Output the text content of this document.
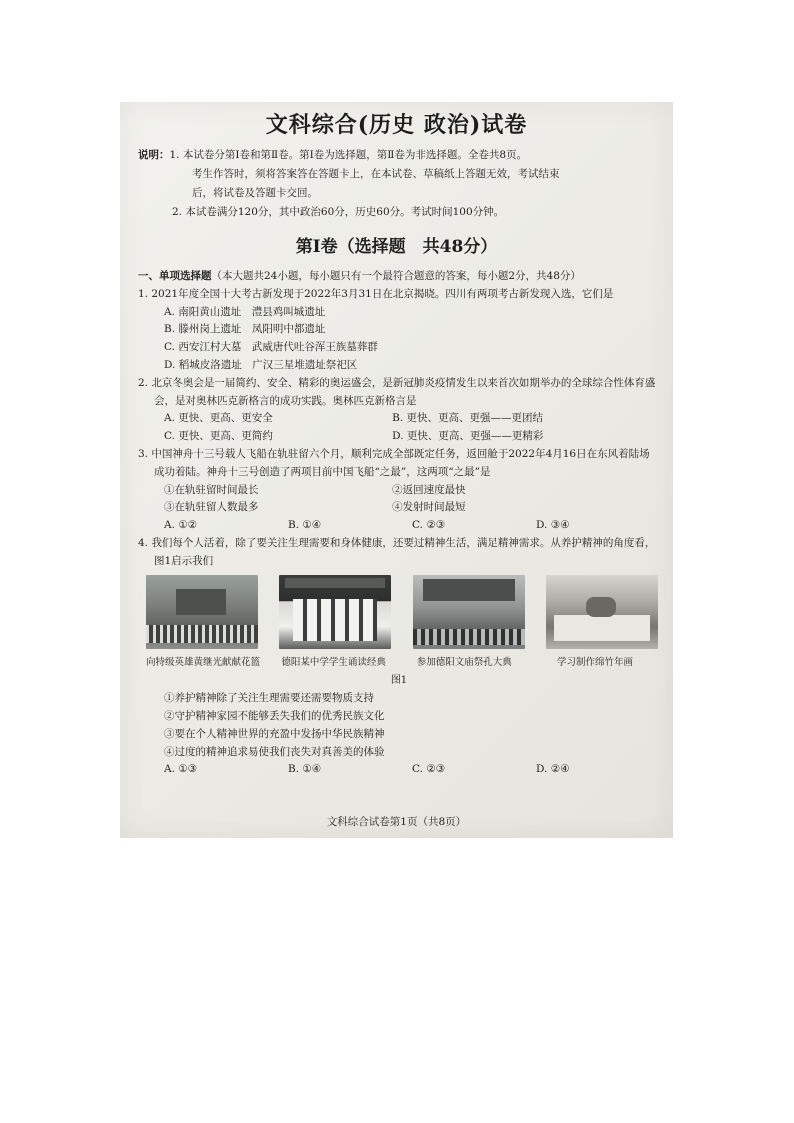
文科综合(历史 政治)试卷
说明：1. 本试卷分第Ⅰ卷和第Ⅱ卷。第Ⅰ卷为选择题，第Ⅱ卷为非选择题。全卷共8页。
考生作答时，须将答案答在答题卡上，在本试卷、草稿纸上答题无效，考试结束
后，将试卷及答题卡交回。
2. 本试卷满分120分，其中政治60分，历史60分。考试时间100分钟。
第Ⅰ卷（选择题　共48分）

一、单项选择题（本大题共24小题，每小题只有一个最符合题意的答案，每小题2分，共48分）

1. 2021年度全国十大考古新发现于2022年3月31日在北京揭晓。四川有两项考古新发现入选，它们是

A. 南阳黄山遗址　澧县鸡叫城遗址
B. 滕州岗上遗址　凤阳明中都遗址
C. 西安江村大墓　武威唐代吐谷浑王族墓葬群
D. 稻城皮洛遗址　广汉三星堆遗址祭祀区

2. 北京冬奥会是一届简约、安全、精彩的奥运盛会，是新冠肺炎疫情发生以来首次如期举办的全球综合性体育盛会，是对奥林匹克新格言的成功实践。奥林匹克新格言是

A. 更快、更高、更安全	B. 更快、更高、更强——更团结
C. 更快、更高、更简约	D. 更快、更高、更强——更精彩

3. 中国神舟十三号载人飞船在轨驻留六个月，顺利完成全部既定任务，返回舱于2022年4月16日在东风着陆场成功着陆。神舟十三号创造了两项目前中国飞船“之最”，这两项“之最”是

①在轨驻留时间最长	②返回速度最快
③在轨驻留人数最多	④发射时间最短
A. ①②	B. ①④	C. ②③	D. ③④

4. 我们每个人活着，除了要关注生理需要和身体健康，还要过精神生活，满足精神需求。从养护精神的角度看，图1启示我们

向特级英雄黄继光献献花篮	德阳某中学学生诵读经典	参加德阳文庙祭孔大典	学习制作绵竹年画
图1
①养护精神除了关注生理需要还需要物质支持
②守护精神家园不能够丢失我们的优秀民族文化
③要在个人精神世界的充盈中发扬中华民族精神
④过度的精神追求易使我们丧失对真善美的体验
A. ①③	B. ①④	C. ②③	D. ②④
文科综合试卷第1页（共8页）
